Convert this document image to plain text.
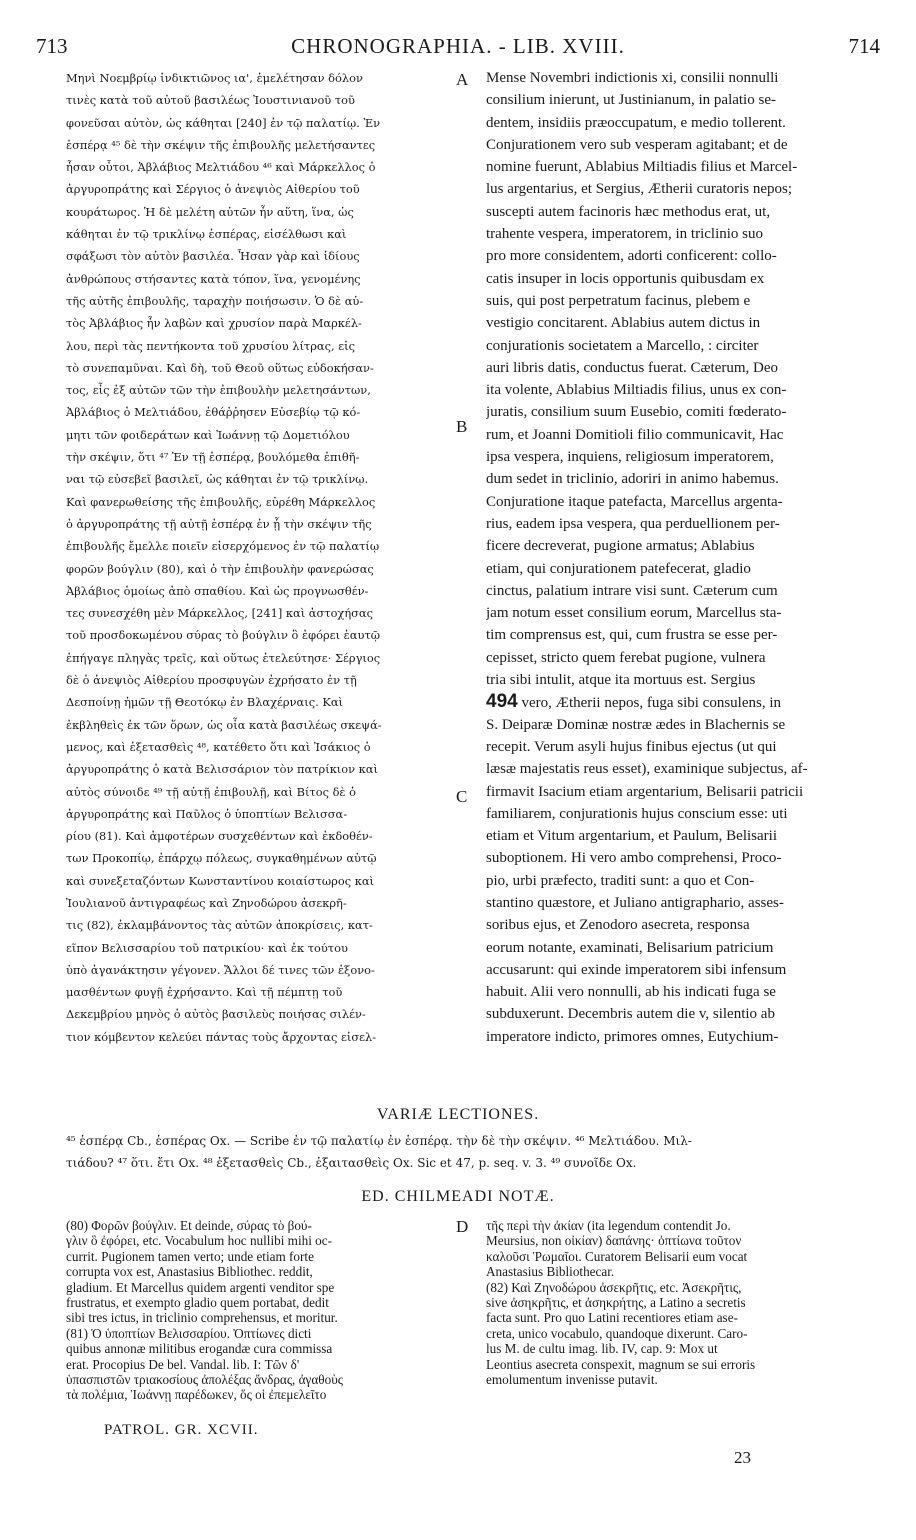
713	CHRONOGRAPHIA. - LIB. XVIII.	714
Μηνὶ Νοεμβρίῳ ἰνδικτιῶνος ια', ἐμελέτησαν δόλον
τινὲς κατὰ τοῦ αὐτοῦ βασιλέως Ἰουστινιανοῦ τοῦ
φονεῦσαι αὐτὸν, ὡς κάθηται [240] ἐν τῷ παλατίῳ. Ἐν
ἑσπέρᾳ ⁴⁵ δὲ τὴν σκέψιν τῆς ἐπιβουλῆς μελετήσαντες
ἦσαν οὗτοι, Ἀβλάβιος Μελτιάδου ⁴⁶ καὶ Μάρκελλος ὁ
ἀργυροπράτης καὶ Σέργιος ὁ ἀνεψιὸς Αἰθερίου τοῦ
κουράτωρος. Ἡ δὲ μελέτη αὐτῶν ἦν αὕτη, ἵνα, ὡς
κάθηται ἐν τῷ τρικλίνῳ ἑσπέρας, εἰσέλθωσι καὶ
σφάξωσι τὸν αὐτὸν βασιλέα. Ἦσαν γὰρ καὶ ἰδίους
ἀνθρώπους στήσαντες κατὰ τόπον, ἵνα, γενομένης
τῆς αὐτῆς ἐπιβουλῆς, ταραχὴν ποιήσωσιν. Ὁ δὲ αὐ-
τὸς Ἀβλάβιος ἦν λαβὼν καὶ χρυσίον παρὰ Μαρκέλ-
λου, περὶ τὰς πεντήκοντα τοῦ χρυσίου λίτρας, εἰς
τὸ συνεπαμῦναι. Καὶ δὴ, τοῦ Θεοῦ οὕτως εὐδοκήσαν-
τος, εἷς ἐξ αὐτῶν τῶν τὴν ἐπιβουλὴν μελετησάντων,
Ἀβλάβιος ὁ Μελτιάδου, ἐθάῤῥησεν Εὐσεβίῳ τῷ κό-
μητι τῶν φοιδεράτων καὶ Ἰωάννῃ τῷ Δομετιόλου
τὴν σκέψιν, ὅτι ⁴⁷ Ἐν τῇ ἑσπέρᾳ, βουλόμεθα ἐπιθῆ-
ναι τῷ εὐσεβεῖ βασιλεῖ, ὡς κάθηται ἐν τῷ τρικλίνῳ.
Καὶ φανερωθείσης τῆς ἐπιβουλῆς, εὑρέθη Μάρκελλος
ὁ ἀργυροπράτης τῇ αὐτῇ ἑσπέρᾳ ἐν ᾗ τὴν σκέψιν τῆς
ἐπιβουλῆς ἔμελλε ποιεῖν εἰσερχόμενος ἐν τῷ παλατίῳ
φορῶν βούγλιν (80), καὶ ὁ τὴν ἐπιβουλὴν φανερώσας
Ἀβλάβιος ὁμοίως ἀπὸ σπαθίου. Καὶ ὡς προγνωσθέν-
τες συνεσχέθη μὲν Μάρκελλος, [241] καὶ ἀστοχήσας
τοῦ προσδοκωμένου σύρας τὸ βούγλιν ὃ ἐφόρει ἑαυτῷ
ἐπήγαγε πληγὰς τρεῖς, καὶ οὕτως ἐτελεύτησε· Σέργιος
δὲ ὁ ἀνεψιὸς Αἰθερίου προσφυγὼν ἐχρήσατο ἐν τῇ
Δεσποίνῃ ἡμῶν τῇ Θεοτόκῳ ἐν Βλαχέρναις. Καὶ
ἐκβληθεὶς ἐκ τῶν ὅρων, ὡς οἷα κατὰ βασιλέως σκεψά-
μενος, καὶ ἐξετασθεὶς ⁴⁸, κατέθετο ὅτι καὶ Ἰσάκιος ὁ
ἀργυροπράτης ὁ κατὰ Βελισσάριον τὸν πατρίκιον καὶ
αὐτὸς σύνοιδε ⁴⁹ τῇ αὐτῇ ἐπιβουλῇ, καὶ Βίτος δὲ ὁ
ἀργυροπράτης καὶ Παῦλος ὁ ὑποπτίων Βελισσα-
ρίου (81). Καὶ ἀμφοτέρων συσχεθέντων καὶ ἐκδοθέν-
των Προκοπίῳ, ἐπάρχῳ πόλεως, συγκαθημένων αὐτῷ
καὶ συνεξεταζόντων Κωνσταντίνου κοιαίστωρος καὶ
Ἰουλιανοῦ ἀντιγραφέως καὶ Ζηνοδώρου ἀσεκρῆ-
τις (82), ἐκλαμβάνοντος τὰς αὐτῶν ἀποκρίσεις, κατ-
εῖπον Βελισσαρίου τοῦ πατρικίου· καὶ ἐκ τούτου
ὑπὸ ἀγανάκτησιν γέγονεν. Ἄλλοι δέ τινες τῶν ἐξονο-
μασθέντων φυγῇ ἐχρήσαντο. Καὶ τῇ πέμπτῃ τοῦ
Δεκεμβρίου μηνὸς ὁ αὐτὸς βασιλεὺς ποιήσας σιλέν-
τιον κόμβεντον κελεύει πάντας τοὺς ἄρχοντας εἰσελ-
Mense Novembri indictionis xi, consilii nonnulli
consilium inierunt, ut Justinianum, in palatio se-
dentem, insidiis præoccupatum, e medio tollerent.
Conjurationem vero sub vesperam agitabant; et de
nomine fuerunt, Ablabius Miltiadis filius et Marcel-
lus argentarius, et Sergius, Ætherii curatoris nepos;
suscepti autem facinoris hæc methodus erat, ut,
trahente vespera, imperatorem, in triclinio suo
pro more considentem, adorti conficerent: collo-
catis insuper in locis opportunis quibusdam ex
suis, qui post perpetratum facinus, plebem e
vestigio concitarent. Ablabius autem dictus in
conjurationis societatem a Marcello, : circiter
auri libris datis, conductus fuerat. Cæterum, Deo
ita volente, Ablabius Miltiadis filius, unus ex con-
juratis, consilium suum Eusebio, comiti fœderato-
rum, et Joanni Domitioli filio communicavit, Hac
ipsa vespera, inquiens, religiosum imperatorem,
dum sedet in triclinio, adoriri in animo habemus.
Conjuratione itaque patefacta, Marcellus argenta-
rius, eadem ipsa vespera, qua perduellionem per-
ficere decreverat, pugione armatus; Ablabius
etiam, qui conjurationem patefecerat, gladio
cinctus, palatium intrare visi sunt. Cæterum cum
jam notum esset consilium eorum, Marcellus sta-
tim comprensus est, qui, cum frustra se esse per-
cepisset, stricto quem ferebat pugione, vulnera
tria sibi intulit, atque ita mortuus est. Sergius
494 vero, Ætherii nepos, fuga sibi consulens, in
S. Deiparæ Dominæ nostræ ædes in Blachernis se
recepit. Verum asyli hujus finibus ejectus (ut qui
læsæ majestatis reus esset), examinique subjectus, af-
firmavit Isacium etiam argentarium, Belisarii patricii
familiarem, conjurationis hujus conscium esse: uti
etiam et Vitum argentarium, et Paulum, Belisarii
suboptionem. Hi vero ambo comprehensi, Proco-
pio, urbi præfecto, traditi sunt: a quo et Con-
stantino quæstore, et Juliano antigraphario, asses-
soribus ejus, et Zenodoro asecreta, responsa
eorum notante, examinati, Belisarium patricium
accusarunt: qui exinde imperatorem sibi infensum
habuit. Alii vero nonnulli, ab his indicati fuga se
subduxerunt. Decembris autem die v, silentio ab
imperatore indicto, primores omnes, Eutychium-
A
B
C
D
VARIÆ LECTIONES.
⁴⁵ ἑσπέρᾳ Cb., ἑσπέρας Ox. — Scribe ἐν τῷ παλατίῳ ἐν ἑσπέρᾳ. τὴν δὲ τὴν σκέψιν. ⁴⁶ Μελτιάδου. Μιλ-
τιάδου? ⁴⁷ ὅτι. ἔτι Ox. ⁴⁸ ἐξετασθεὶς Cb., ἐξαιτασθεὶς Ox. Sic et 47, p. seq. v. 3. ⁴⁹ συνοῖδε Ox.
ED. CHILMEADI NOTÆ.
(80) Φορῶν βούγλιν. Et deinde, σύρας τὸ βού-
γλιν ὃ ἐφόρει, etc. Vocabulum hoc nullibi mihi oc-
currit. Pugionem tamen verto; unde etiam forte
corrupta vox est, Anastasius Bibliothec. reddit,
gladium. Et Marcellus quidem argenti venditor spe
frustratus, et exempto gladio quem portabat, dedit
sibi tres ictus, in triclinio comprehensus, et moritur.
(81) Ὁ ὑποπτίων Βελισσαρίου. Ὀπτίωνες dicti
quibus annonæ militibus erogandæ cura commissa
erat. Procopius De bel. Vandal. lib. I: Τῶν δ'
ὑπασπιστῶν τριακοσίους ἀπολέξας ἄνδρας, ἀγαθοὺς
τὰ πολέμια, Ἰωάννῃ παρέδωκεν, ὅς οἱ ἐπεμελεῖτο
τῆς περὶ τὴν ἀκίαν (ita legendum contendit Jo.
Meursius, non οἰκίαν) δαπάνης· ὀπτίωνα τοῦτον
καλοῦσι Ῥωμαῖοι. Curatorem Belisarii eum vocat
Anastasius Bibliothecar.
(82) Καὶ Ζηνοδώρου ἀσεκρῆτις, etc. Ἀσεκρῆτις,
sive ἀσηκρῆτις, et ἀσηκρήτης, a Latino a secretis
facta sunt. Pro quo Latini recentiores etiam ase-
creta, unico vocabulo, quandoque dixerunt. Caro-
lus M. de cultu imag. lib. IV, cap. 9: Mox ut
Leontius asecreta conspexit, magnum se sui erroris
emolumentum invenisse putavit.
PATROL. GR. XCVII.
23
